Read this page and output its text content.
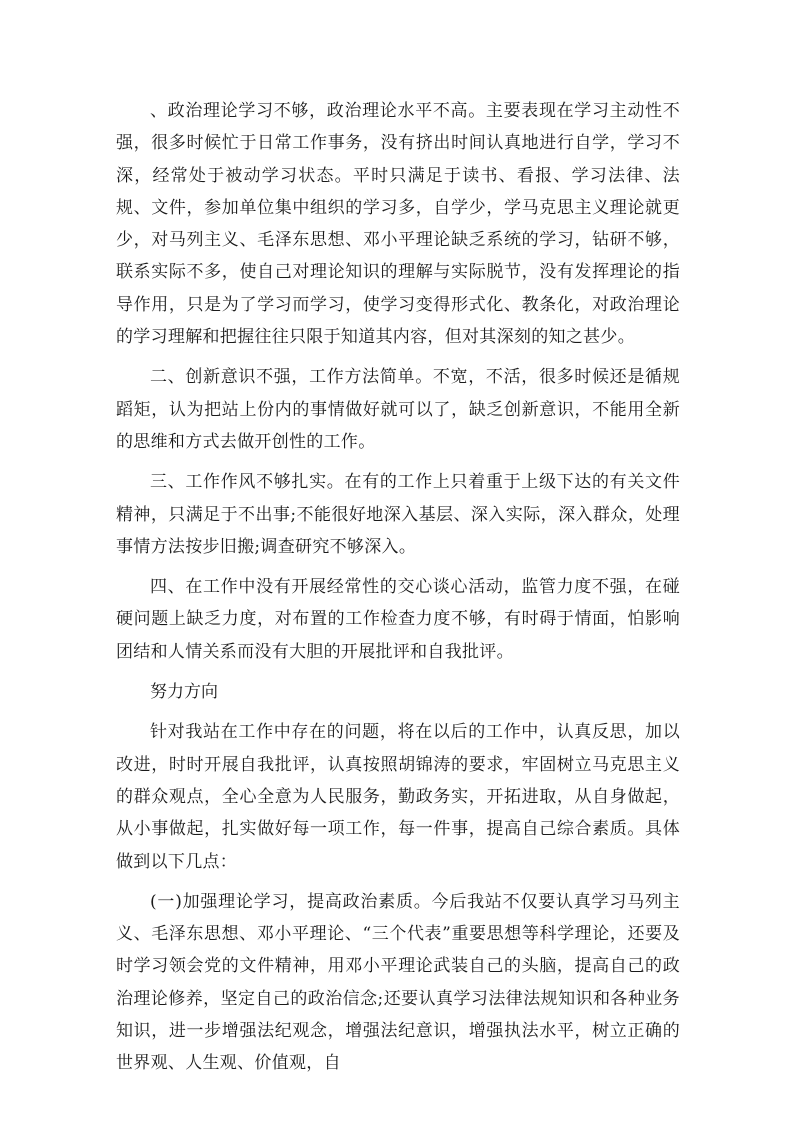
、政治理论学习不够，政治理论水平不高。主要表现在学习主动性不强，很多时候忙于日常工作事务，没有挤出时间认真地进行自学，学习不深，经常处于被动学习状态。平时只满足于读书、看报、学习法律、法规、文件，参加单位集中组织的学习多，自学少，学马克思主义理论就更少，对马列主义、毛泽东思想、邓小平理论缺乏系统的学习，钻研不够，联系实际不多，使自己对理论知识的理解与实际脱节，没有发挥理论的指导作用，只是为了学习而学习，使学习变得形式化、教条化，对政治理论的学习理解和把握往往只限于知道其内容，但对其深刻的知之甚少。

二、创新意识不强，工作方法简单。不宽，不活，很多时候还是循规蹈矩，认为把站上份内的事情做好就可以了，缺乏创新意识，不能用全新的思维和方式去做开创性的工作。

三、工作作风不够扎实。在有的工作上只着重于上级下达的有关文件精神，只满足于不出事;不能很好地深入基层、深入实际，深入群众，处理事情方法按步旧搬;调查研究不够深入。

四、在工作中没有开展经常性的交心谈心活动，监管力度不强，在碰硬问题上缺乏力度，对布置的工作检查力度不够，有时碍于情面，怕影响团结和人情关系而没有大胆的开展批评和自我批评。

努力方向

针对我站在工作中存在的问题，将在以后的工作中，认真反思，加以改进，时时开展自我批评，认真按照胡锦涛的要求，牢固树立马克思主义的群众观点，全心全意为人民服务，勤政务实，开拓进取，从自身做起，从小事做起，扎实做好每一项工作，每一件事，提高自己综合素质。具体做到以下几点：

(一)加强理论学习，提高政治素质。今后我站不仅要认真学习马列主义、毛泽东思想、邓小平理论、“三个代表”重要思想等科学理论，还要及时学习领会党的文件精神，用邓小平理论武装自己的头脑，提高自己的政治理论修养，坚定自己的政治信念;还要认真学习法律法规知识和各种业务知识，进一步增强法纪观念，增强法纪意识，增强执法水平，树立正确的世界观、人生观、价值观，自
